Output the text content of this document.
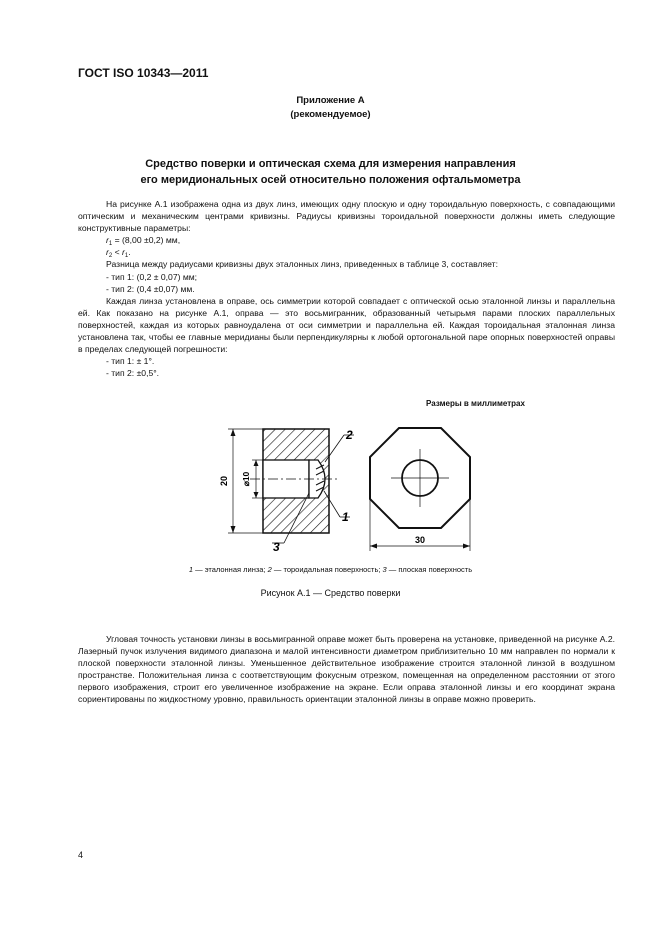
ГОСТ ISO 10343—2011
Приложение А
(рекомендуемое)
Средство поверки и оптическая схема для измерения направления
его меридиональных осей относительно положения офтальмометра

На рисунке А.1 изображена одна из двух линз, имеющих одну плоскую и одну тороидальную поверхность, с совпадающими оптическим и механическим центрами кривизны. Радиусы кривизны тороидальной поверхности должны иметь следующие конструктивные параметры:

$r_1 = (8,00 \pm 0,2)$ мм,

$r_2 < r_1$.

Разница между радиусами кривизны двух эталонных линз, приведенных в таблице 3, составляет:

- тип 1: (0,2 ± 0,07) мм;

- тип 2: (0,4 ±0,07) мм.

Каждая линза установлена в оправе, ось симметрии которой совпадает с оптической осью эталонной линзы и параллельна ей. Как показано на рисунке А.1, оправа — это восьмигранник, образованный четырьмя парами плоских параллельных поверхностей, каждая из которых равноудалена от оси симметрии и параллельна ей. Каждая тороидальная эталонная линза установлена так, чтобы ее главные меридианы были перпендикулярны к любой ортогональной паре опорных поверхностей оправы в пределах следующей погрешности:

- тип 1: ± 1°.

- тип 2: ±0,5°.

Размеры в миллиметрах
20 ⌀10
2
1
3	30
1 — эталонная линза; 2 — тороидальная поверхность; 3 — плоская поверхность
Рисунок А.1 — Средство поверки

Угловая точность установки линзы в восьмигранной оправе может быть проверена на установке, приведенной на рисунке А.2. Лазерный пучок излучения видимого диапазона и малой интенсивности диаметром приблизительно 10 мм направлен по нормали к плоской поверхности эталонной линзы. Уменьшенное действительное изображение строится эталонной линзой в воздушном пространстве. Положительная линза с соответствующим фокусным отрезком, помещенная на определенном расстоянии от этого первого изображения, строит его увеличенное изображение на экране. Если оправа эталонной линзы и его координат экрана сориентированы по жидкостному уровню, правильность ориентации эталонной линзы в оправе можно проверить.

4
